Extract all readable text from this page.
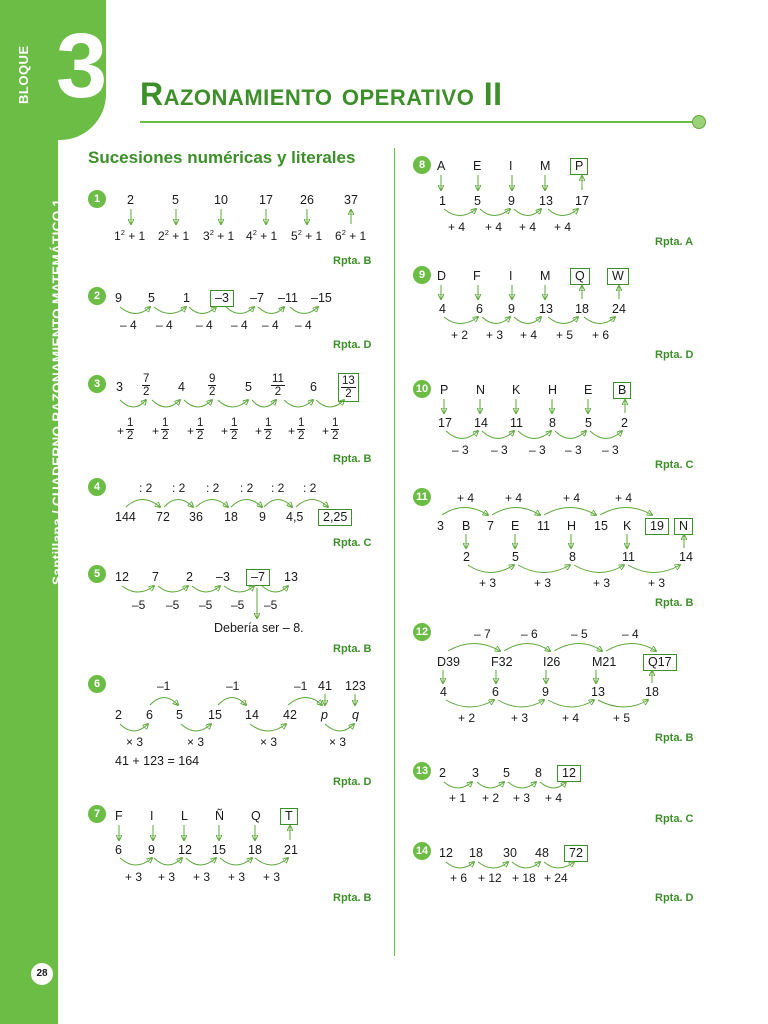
BLOQUE 3
Santillana / CUADERNO RAZONAMIENTO MATEMÁTICO 1
28
Razonamiento operativo II
Sucesiones numéricas y literales
1	2	5	10 17 26 37
$1^2 + 1$ $2^2 + 1$ $3^2 + 1$ $4^2 + 1$ $5^2 + 1$ $6^2 + 1$
Rpta. B
2	9 5 1	–3	–7 –11 –15
– 4 – 4 – 4 – 4 – 4 – 4
Rpta. D
3	$3 \frac{7}{2} 4 \frac{9}{2} 5 \frac{11}{2} 6 \frac{13}{2}$
+ $\frac{1}{2} + \frac{1}{2} + \frac{1}{2} + \frac{1}{2} + \frac{1}{2} + \frac{1}{2} + \frac{1}{2}$
Rpta. B
4	: 2 : 2 : 2 : 2 : 2 : 2
144 72 36 18 9 4,5	2,25
Rpta. C
5	12 7 2 –3	–7	13
–5 –5 –5 –5 –5
Debería ser – 8.
Rpta. B
6	–1	–1	–1 41 123
2 6 5 15 14 42 p q
× 3	× 3	× 3	× 3
41 + 123 = 164
Rpta. D
7	F I L Ñ Q	T
6 9 12 15 18 21
+ 3 + 3 + 3 + 3 + 3
Rpta. B
8 A E I M	P
1 5 9 13 17
+ 4 + 4 + 4 + 4
Rpta. A
9 D F I M	Q	W
4 6 9 13 18 24
+ 2 + 3 + 4 + 5 + 6
Rpta. D
10 P N K H E	B
17 14 11 8 5 2
– 3 – 3 – 3 – 3 – 3
Rpta. C
11 + 4	+ 4	+ 4	+ 4
3 B 7 E 11 H 15 K	19	N
2	5	8	11	14
+ 3	+ 3	+ 3	+ 3
Rpta. B
12	– 7	– 6	– 5	– 4
D39 F32 I26	M21	Q17
4	6	9	13	18
+ 2	+ 3	+ 4	+ 5
Rpta. B
13 2 3 5 8	12
+ 1 + 2 + 3 + 4
Rpta. C
14 12 18 30 48	72
+ 6 + 12 + 18 + 24
Rpta. D
